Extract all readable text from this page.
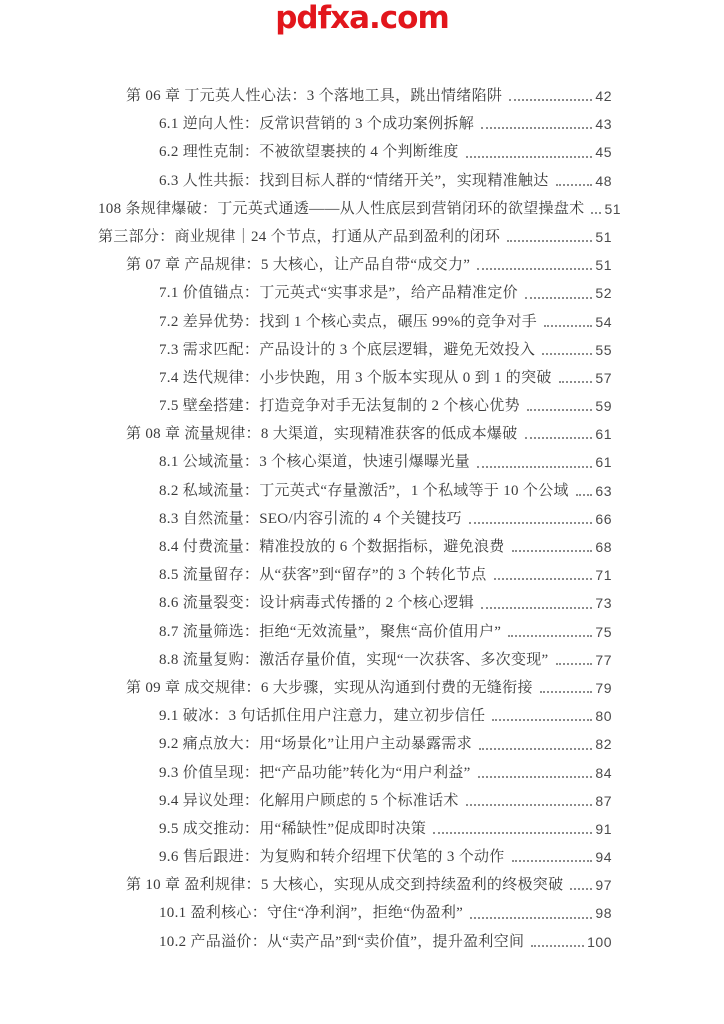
pdfxa.com
第 06 章 丁元英人性心法：3 个落地工具，跳出情绪陷阱	42
6.1 逆向人性：反常识营销的 3 个成功案例拆解	43
6.2 理性克制：不被欲望裹挟的 4 个判断维度	45
6.3 人性共振：找到目标人群的“情绪开关”，实现精准触达	48
108 条规律爆破：丁元英式通透——从人性底层到营销闭环的欲望操盘术 51
第三部分：商业规律｜24 个节点，打通从产品到盈利的闭环	51
第 07 章 产品规律：5 大核心，让产品自带“成交力”	51
7.1 价值锚点：丁元英式“实事求是”，给产品精准定价	52
7.2 差异优势：找到 1 个核心卖点，碾压 99%的竞争对手	54
7.3 需求匹配：产品设计的 3 个底层逻辑，避免无效投入	55
7.4 迭代规律：小步快跑，用 3 个版本实现从 0 到 1 的突破	57
7.5 壁垒搭建：打造竞争对手无法复制的 2 个核心优势	59
第 08 章 流量规律：8 大渠道，实现精准获客的低成本爆破	61
8.1 公域流量：3 个核心渠道，快速引爆曝光量	61
8.2 私域流量：丁元英式“存量激活”，1 个私域等于 10 个公域 63
8.3 自然流量：SEO/内容引流的 4 个关键技巧	66
8.4 付费流量：精准投放的 6 个数据指标，避免浪费	68
8.5 流量留存：从“获客”到“留存”的 3 个转化节点	71
8.6 流量裂变：设计病毒式传播的 2 个核心逻辑	73
8.7 流量筛选：拒绝“无效流量”，聚焦“高价值用户”	75
8.8 流量复购：激活存量价值，实现“一次获客、多次变现”	77
第 09 章 成交规律：6 大步骤，实现从沟通到付费的无缝衔接	79
9.1 破冰：3 句话抓住用户注意力，建立初步信任	80
9.2 痛点放大：用“场景化”让用户主动暴露需求	82
9.3 价值呈现：把“产品功能”转化为“用户利益”	84
9.4 异议处理：化解用户顾虑的 5 个标准话术	87
9.5 成交推动：用“稀缺性”促成即时决策	91
9.6 售后跟进：为复购和转介绍埋下伏笔的 3 个动作	94
第 10 章 盈利规律：5 大核心，实现从成交到持续盈利的终极突破 97
10.1 盈利核心：守住“净利润”，拒绝“伪盈利”	98
10.2 产品溢价：从“卖产品”到“卖价值”，提升盈利空间	100
